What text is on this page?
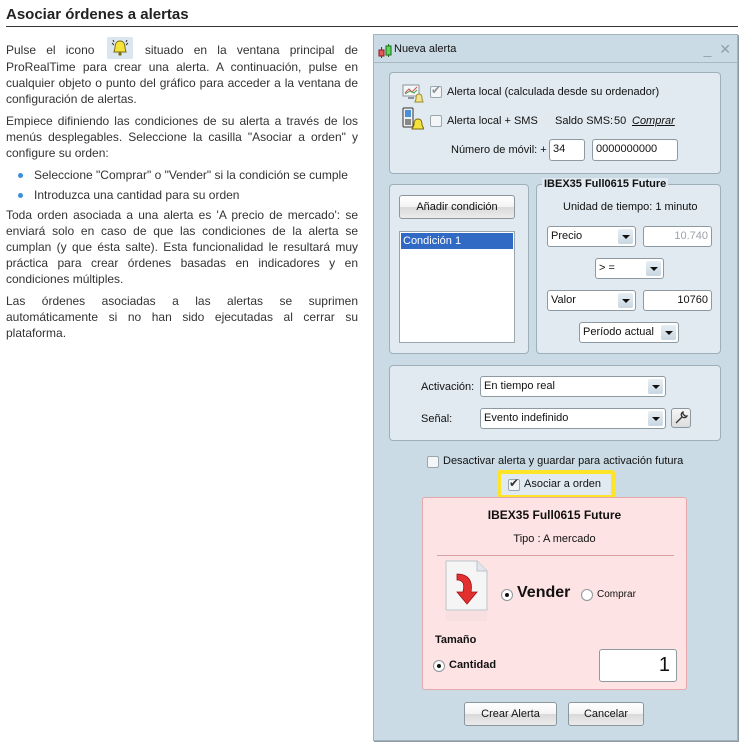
Asociar órdenes a alertas

Pulse el icono	situado en la ventana principal de ProRealTime para crear una alerta. A continuación, pulse en cualquier objeto o punto del gráfico para acceder a la ventana de configuración de alertas.

Empiece difiniendo las condiciones de su alerta a través de los menús desplegables. Seleccione la casilla "Asociar a orden" y configure su orden:

Seleccione "Comprar" o "Vender" si la condición se cumple
Introduzca una cantidad para su orden

Toda orden asociada a una alerta es 'A precio de mercado': se enviará solo en caso de que las condiciones de la alerta se cumplan (y que ésta salte). Esta funcionalidad le resultará muy práctica para crear órdenes basadas en indicadores y en condiciones múltiples.

Las órdenes asociadas a las alertas se suprimen automáticamente si no han sido ejecutadas al cerrar su plataforma.

Nueva alerta	_ ✕
✔
Alerta local (calculada desde su ordenador)
Alerta local + SMS Saldo SMS: 50 Comprar
Número de móvil: + 34	0000000000
Añadir condición
Condición 1
IBEX35 Full0615 Future
Unidad de tiempo: 1 minuto
Precio	10.740
> =
Valor	10760
Período actual
Activación: En tiempo real
Señal:	Evento indefinido
Desactivar alerta y guardar para activación futura
✔
Asociar a orden
IBEX35 Full0615 Future
Tipo : A mercado
Vender	Comprar
Tamaño
Cantidad	1
Crear Alerta	Cancelar
